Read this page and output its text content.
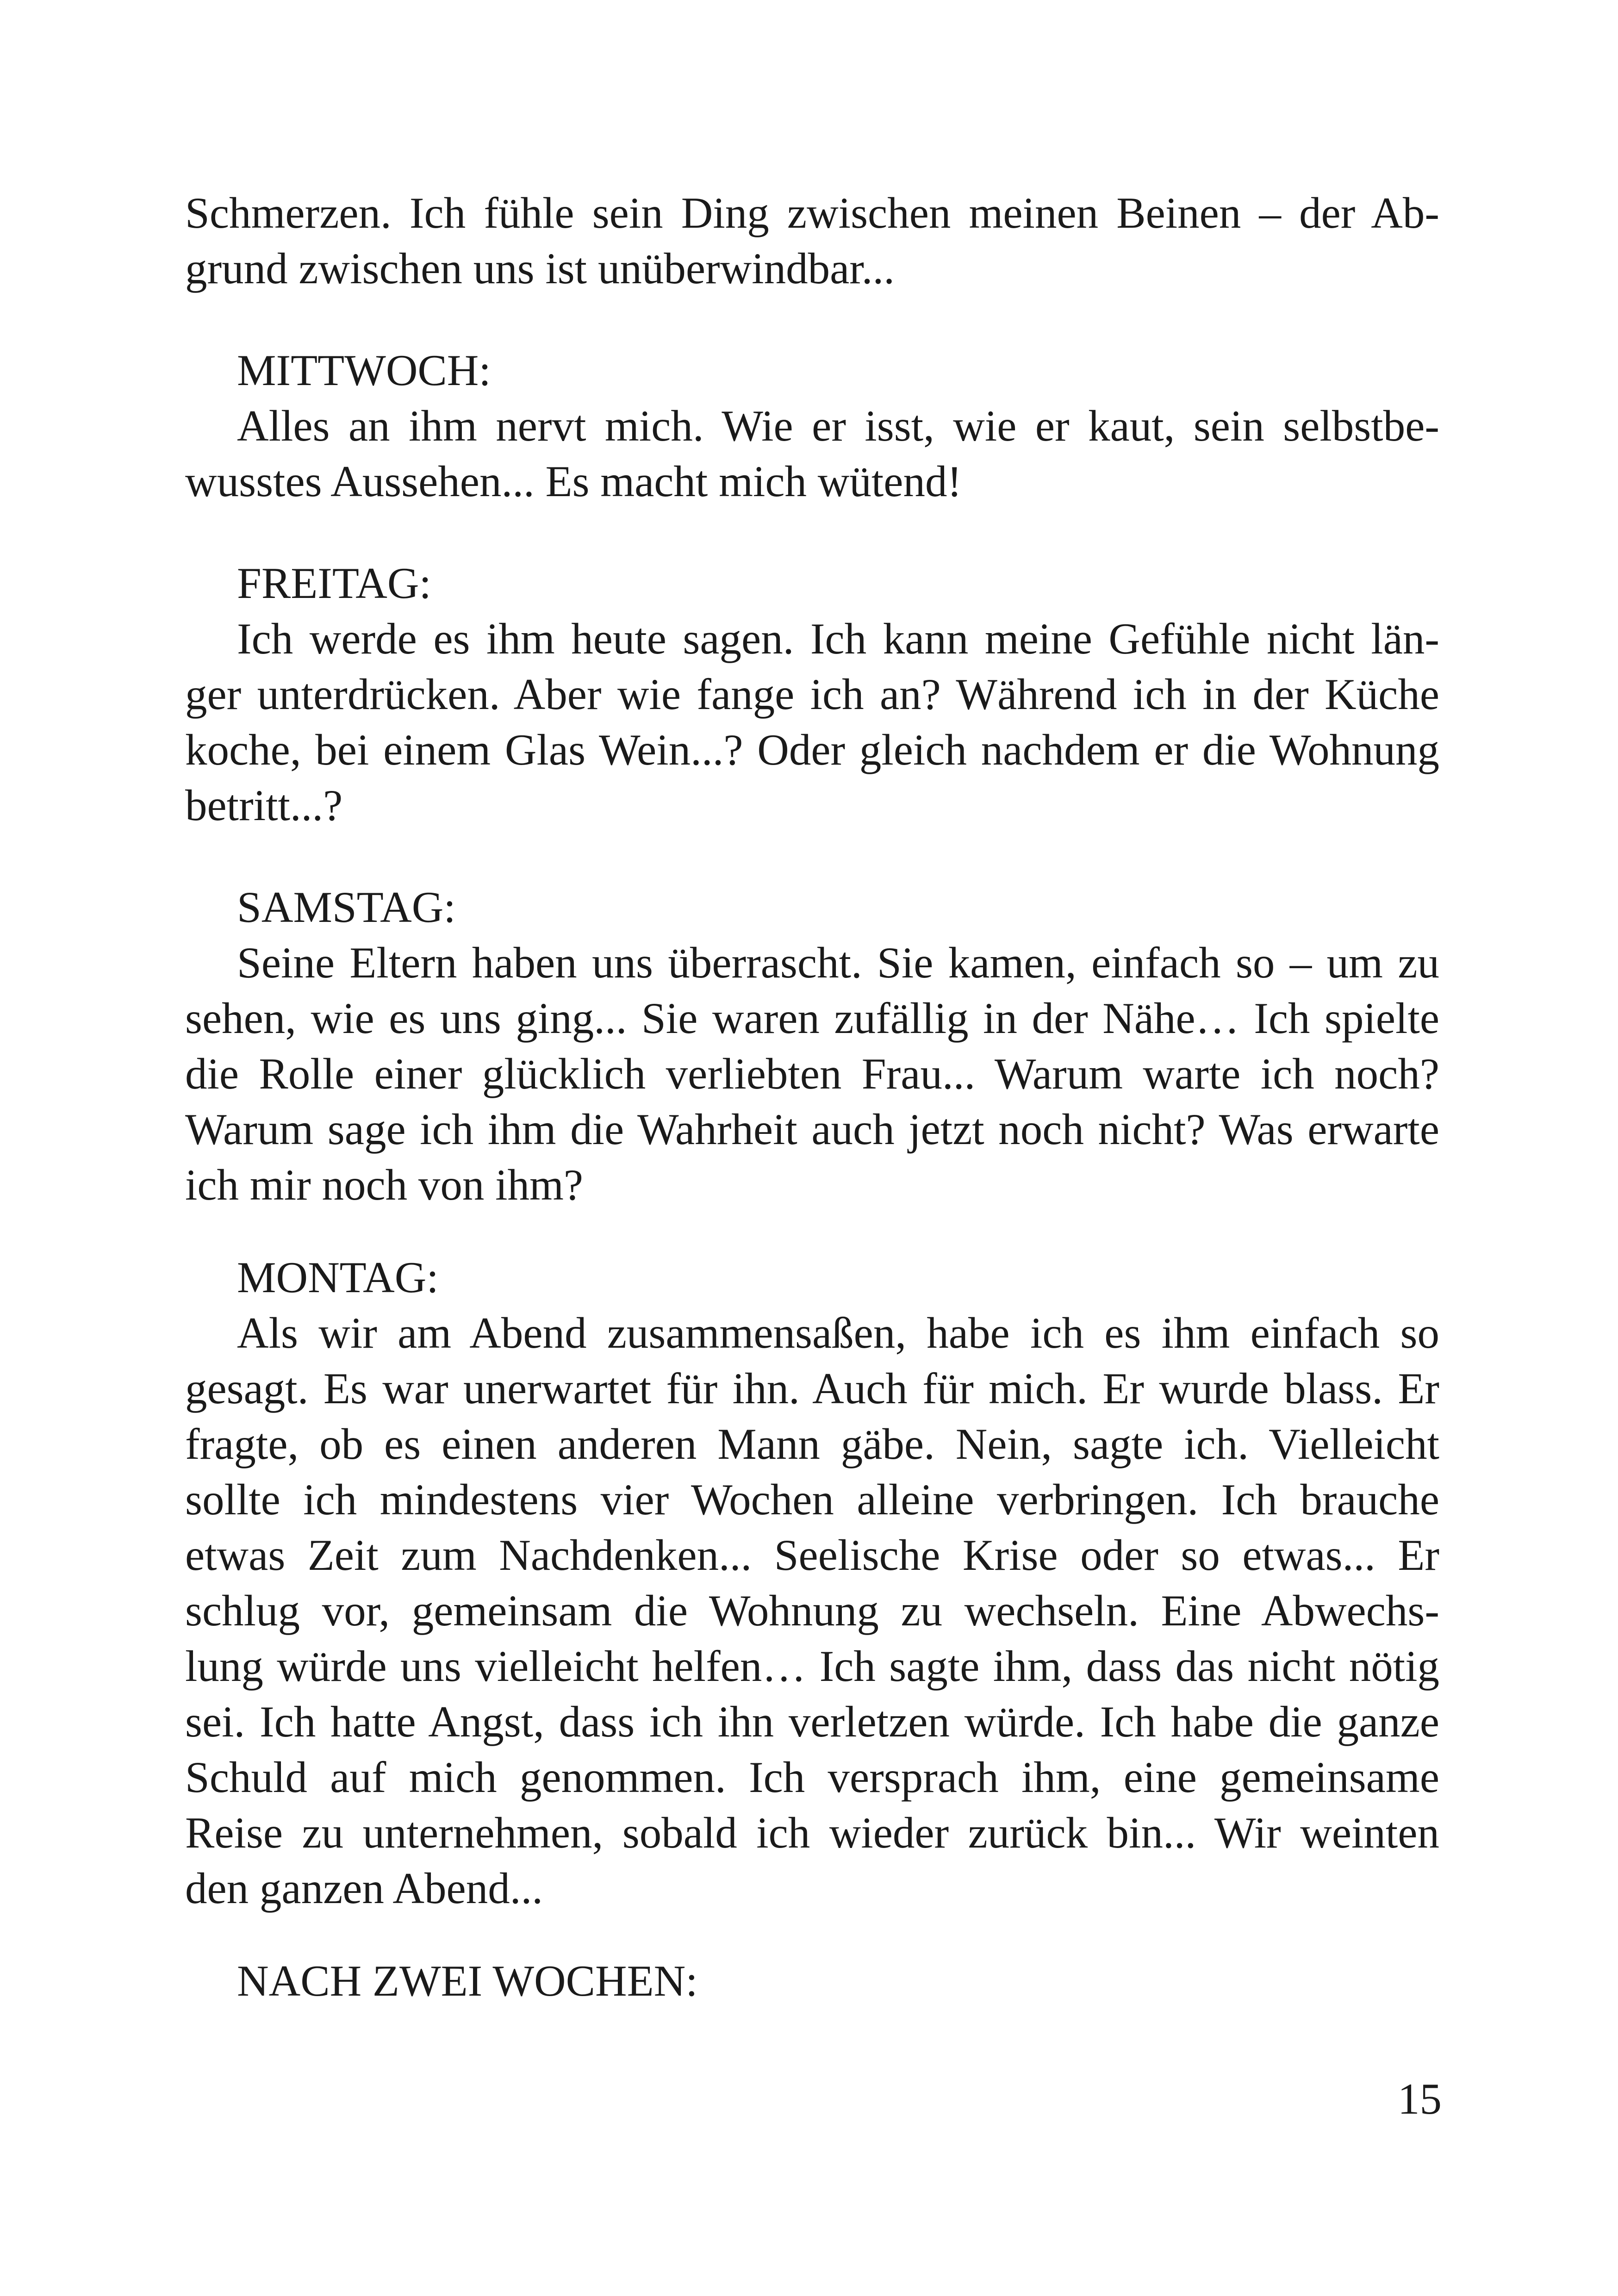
Schmerzen. Ich fühle sein Ding zwischen meinen Beinen – der Ab-
grund zwischen uns ist unüberwindbar...
MITTWOCH:
Alles an ihm nervt mich. Wie er isst, wie er kaut, sein selbstbe-
wusstes Aussehen... Es macht mich wütend!
FREITAG:
Ich werde es ihm heute sagen. Ich kann meine Gefühle nicht län-
ger unterdrücken. Aber wie fange ich an? Während ich in der Küche
koche, bei einem Glas Wein...? Oder gleich nachdem er die Wohnung
betritt...?
SAMSTAG:
Seine Eltern haben uns überrascht. Sie kamen, einfach so – um zu
sehen, wie es uns ging... Sie waren zufällig in der Nähe… Ich spielte
die Rolle einer glücklich verliebten Frau... Warum warte ich noch?
Warum sage ich ihm die Wahrheit auch jetzt noch nicht? Was erwarte
ich mir noch von ihm?
MONTAG:
Als wir am Abend zusammensaßen, habe ich es ihm einfach so
gesagt. Es war unerwartet für ihn. Auch für mich. Er wurde blass. Er
fragte, ob es einen anderen Mann gäbe. Nein, sagte ich. Vielleicht
sollte ich mindestens vier Wochen alleine verbringen. Ich brauche
etwas Zeit zum Nachdenken... Seelische Krise oder so etwas... Er
schlug vor, gemeinsam die Wohnung zu wechseln. Eine Abwechs-
lung würde uns vielleicht helfen… Ich sagte ihm, dass das nicht nötig
sei. Ich hatte Angst, dass ich ihn verletzen würde. Ich habe die ganze
Schuld auf mich genommen. Ich versprach ihm, eine gemeinsame
Reise zu unternehmen, sobald ich wieder zurück bin... Wir weinten
den ganzen Abend...
NACH ZWEI WOCHEN:
15
